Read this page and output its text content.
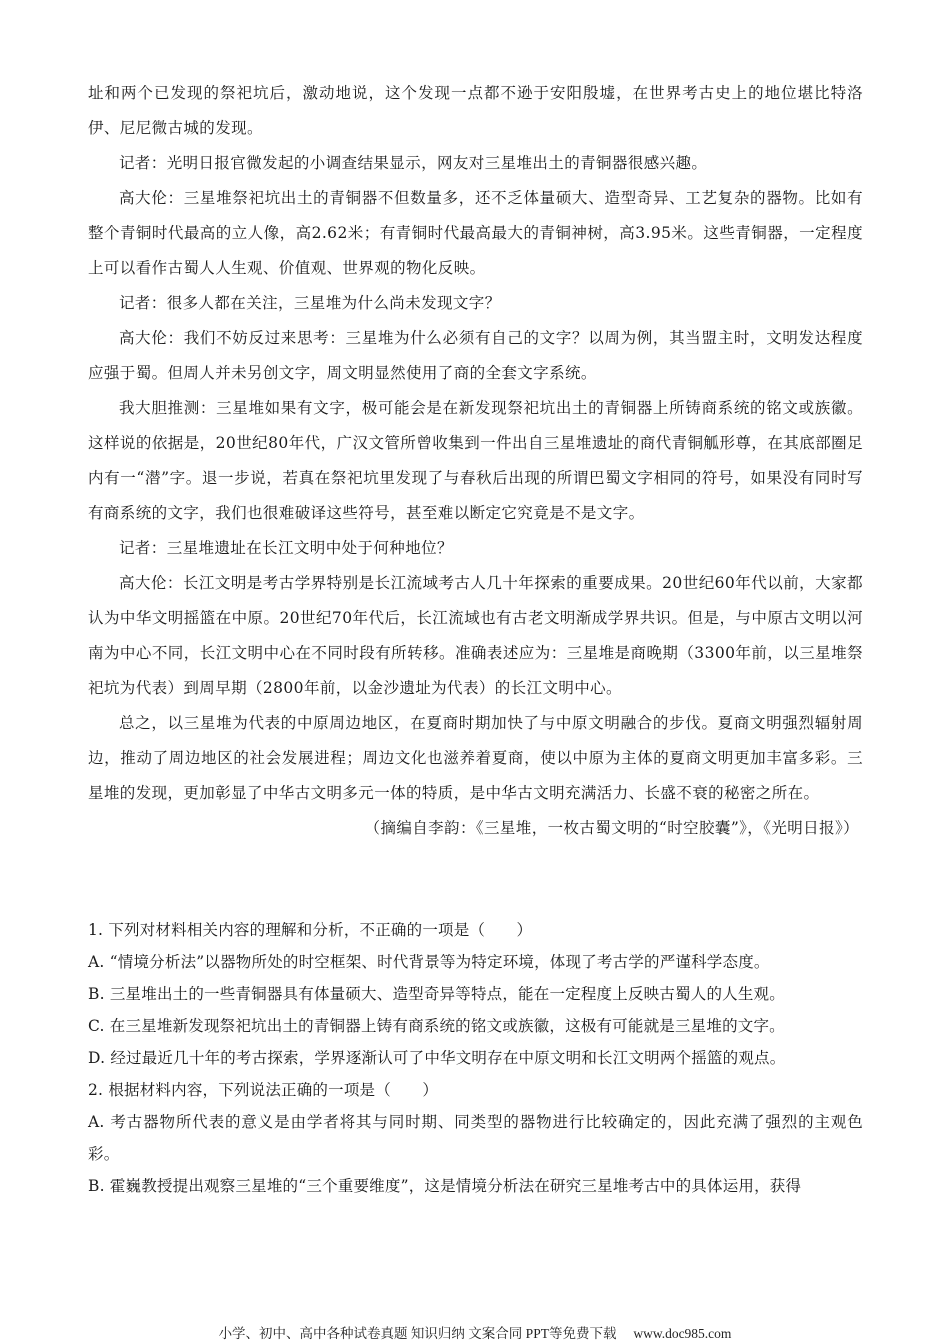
址和两个已发现的祭祀坑后，激动地说，这个发现一点都不逊于安阳殷墟，在世界考古史上的地位堪比特洛伊、尼尼微古城的发现。

记者：光明日报官微发起的小调查结果显示，网友对三星堆出土的青铜器很感兴趣。

高大伦：三星堆祭祀坑出土的青铜器不但数量多，还不乏体量硕大、造型奇异、工艺复杂的器物。比如有整个青铜时代最高的立人像，高2.62米；有青铜时代最高最大的青铜神树，高3.95米。这些青铜器，一定程度上可以看作古蜀人人生观、价值观、世界观的物化反映。

记者：很多人都在关注，三星堆为什么尚未发现文字？

高大伦：我们不妨反过来思考：三星堆为什么必须有自己的文字？以周为例，其当盟主时，文明发达程度应强于蜀。但周人并未另创文字，周文明显然使用了商的全套文字系统。

我大胆推测：三星堆如果有文字，极可能会是在新发现祭祀坑出土的青铜器上所铸商系统的铭文或族徽。这样说的依据是，20世纪80年代，广汉文管所曾收集到一件出自三星堆遗址的商代青铜觚形尊，在其底部圈足内有一“潜”字。退一步说，若真在祭祀坑里发现了与春秋后出现的所谓巴蜀文字相同的符号，如果没有同时写有商系统的文字，我们也很难破译这些符号，甚至难以断定它究竟是不是文字。

记者：三星堆遗址在长江文明中处于何种地位？

高大伦：长江文明是考古学界特别是长江流域考古人几十年探索的重要成果。20世纪60年代以前，大家都认为中华文明摇篮在中原。20世纪70年代后，长江流域也有古老文明渐成学界共识。但是，与中原古文明以河南为中心不同，长江文明中心在不同时段有所转移。准确表述应为：三星堆是商晚期（3300年前，以三星堆祭祀坑为代表）到周早期（2800年前，以金沙遗址为代表）的长江文明中心。

总之，以三星堆为代表的中原周边地区，在夏商时期加快了与中原文明融合的步伐。夏商文明强烈辐射周边，推动了周边地区的社会发展进程；周边文化也滋养着夏商，使以中原为主体的夏商文明更加丰富多彩。三星堆的发现，更加彰显了中华古文明多元一体的特质，是中华古文明充满活力、长盛不衰的秘密之所在。

（摘编自李韵：《三星堆，一枚古蜀文明的“时空胶囊”》，《光明日报》）

1. 下列对材料相关内容的理解和分析，不正确的一项是（　　）

A. “情境分析法”以器物所处的时空框架、时代背景等为特定环境，体现了考古学的严谨科学态度。

B. 三星堆出土的一些青铜器具有体量硕大、造型奇异等特点，能在一定程度上反映古蜀人的人生观。

C. 在三星堆新发现祭祀坑出土的青铜器上铸有商系统的铭文或族徽，这极有可能就是三星堆的文字。

D. 经过最近几十年的考古探索，学界逐渐认可了中华文明存在中原文明和长江文明两个摇篮的观点。

2. 根据材料内容，下列说法正确的一项是（　　）

A. 考古器物所代表的意义是由学者将其与同时期、同类型的器物进行比较确定的，因此充满了强烈的主观色彩。

B. 霍巍教授提出观察三星堆的“三个重要维度”，这是情境分析法在研究三星堆考古中的具体运用，获得

小学、初中、高中各种试卷真题 知识归纳 文案合同 PPT等免费下载　 www.doc985.com
